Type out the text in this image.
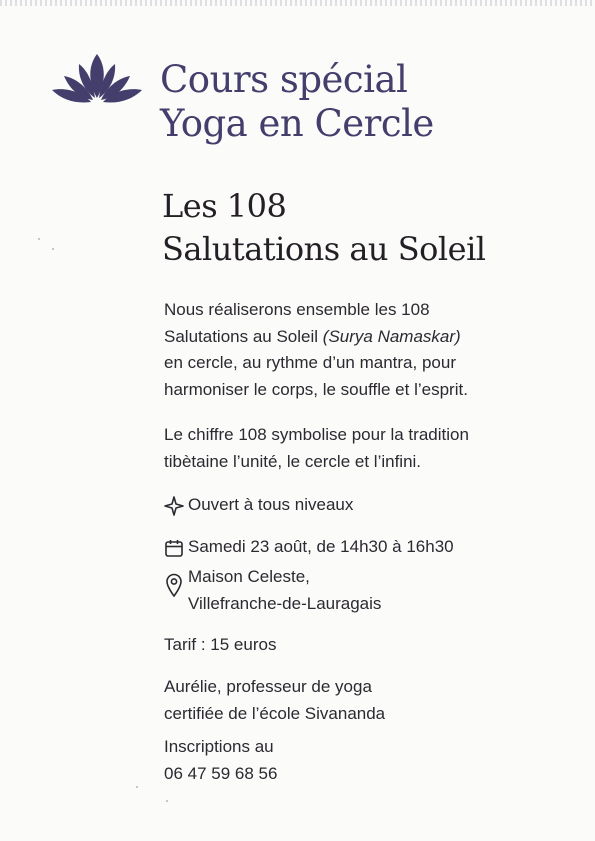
Cours spécial
Yoga en Cercle
Les 108
Salutations au Soleil

Nous réaliserons ensemble les 108
Salutations au Soleil (Surya Namaskar)
en cercle, au rythme d’un mantra, pour
harmoniser le corps, le souffle et l’esprit.

Le chiffre 108 symbolise pour la tradition
tibètaine l’unité, le cercle et l’infini.

Ouvert à tous niveaux
Samedi 23 août, de 14h30 à 16h30
Maison Celeste,
Villefranche-de-Lauragais

Tarif : 15 euros

Aurélie, professeur de yoga
certifiée de l’école Sivananda

Inscriptions au
06 47 59 68 56
